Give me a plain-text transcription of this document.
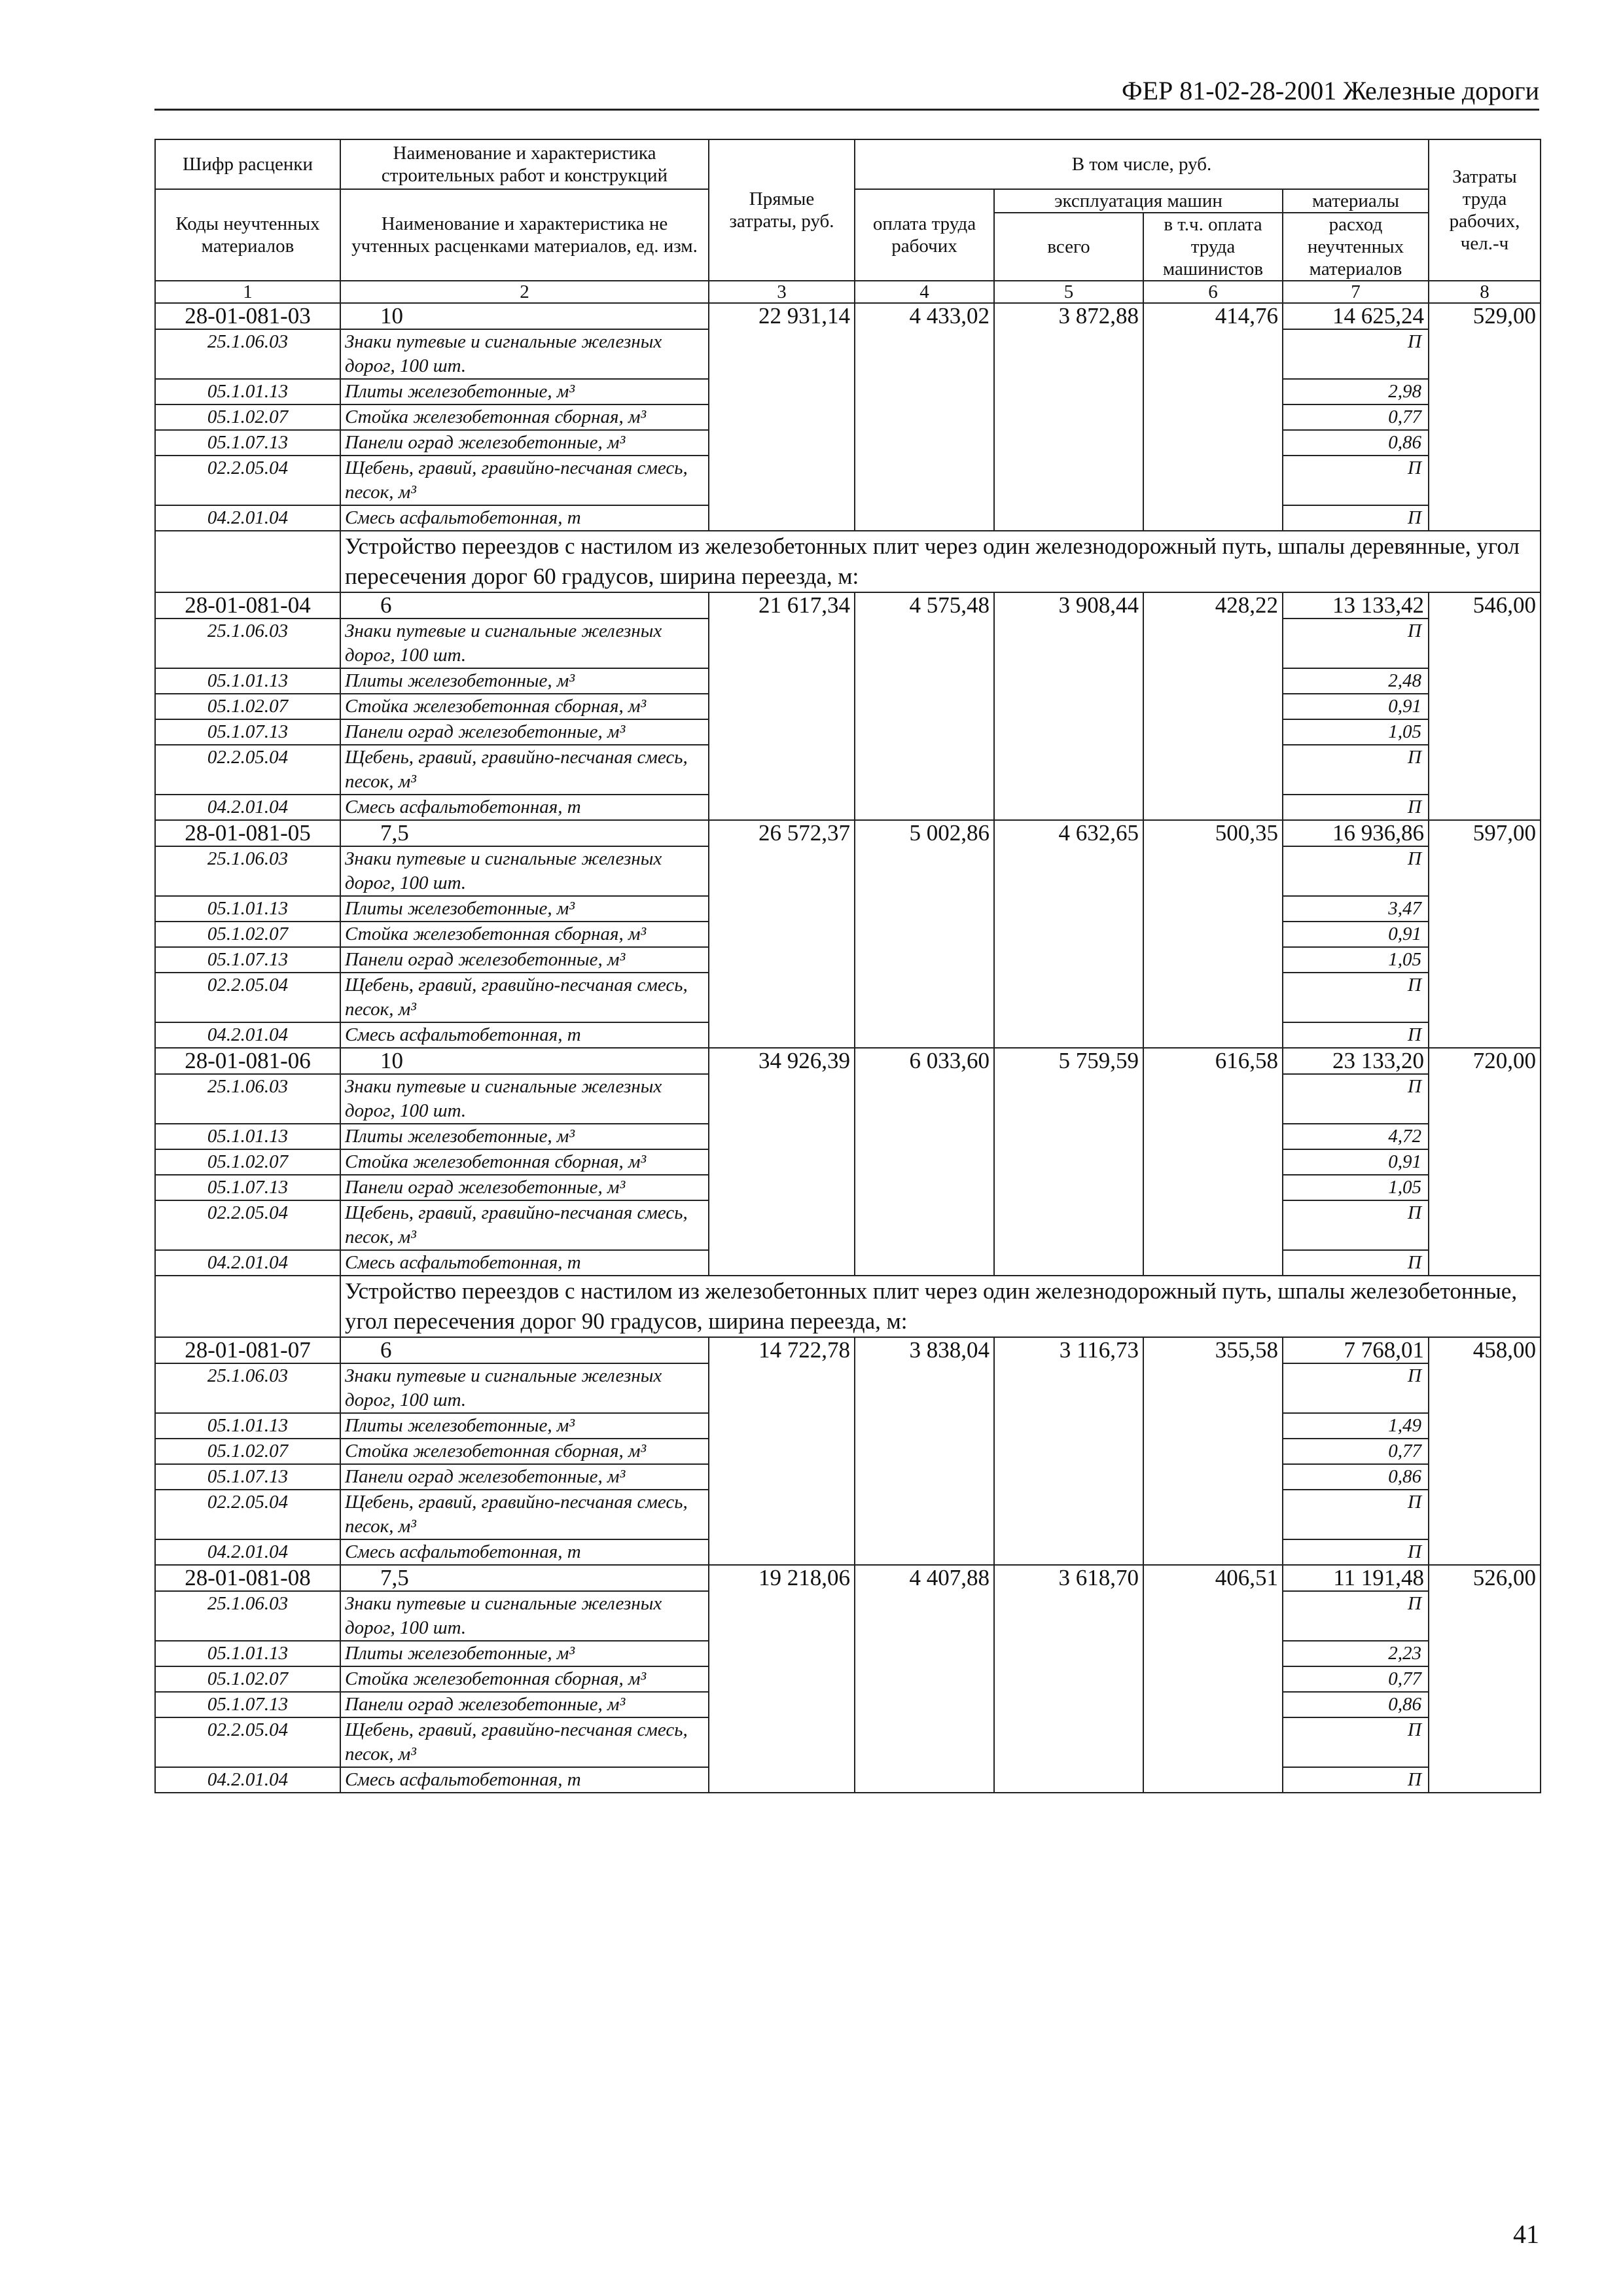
ФЕР 81-02-28-2001 Железные дороги
Шифр расценки	Наименование и характеристика строительных работ и конструкций	Прямые затраты, руб.	В том числе, руб.				Затраты труда рабочих, чел.-ч
Коды неучтенных материалов	Наименование и характеристика не учтенных расценками материалов, ед. изм.		оплата труда рабочих	эксплуатация машин		материалы	
				всего	в т.ч. оплата труда машинистов	расход неучтенных материалов	
1	2	3	4	5	6	7	8
28-01-081-03	10	22 931,14	4 433,02	3 872,88	414,76	14 625,24	529,00
25.1.06.03	Знаки путевые и сигнальные железных дорог, 100 шт.					П	
05.1.01.13	Плиты железобетонные, м³					2,98	
05.1.02.07	Стойка железобетонная сборная, м³					0,77	
05.1.07.13	Панели оград железобетонные, м³					0,86	
02.2.05.04	Щебень, гравий, гравийно-песчаная смесь, песок, м³					П	
04.2.01.04	Смесь асфальтобетонная, т					П	
	Устройство переездов с настилом из железобетонных плит через один железнодорожный путь, шпалы деревянные, угол пересечения дорог 60 градусов, ширина переезда, м:						
28-01-081-04	6	21 617,34	4 575,48	3 908,44	428,22	13 133,42	546,00
25.1.06.03	Знаки путевые и сигнальные железных дорог, 100 шт.					П	
05.1.01.13	Плиты железобетонные, м³					2,48	
05.1.02.07	Стойка железобетонная сборная, м³					0,91	
05.1.07.13	Панели оград железобетонные, м³					1,05	
02.2.05.04	Щебень, гравий, гравийно-песчаная смесь, песок, м³					П	
04.2.01.04	Смесь асфальтобетонная, т					П	
28-01-081-05	7,5	26 572,37	5 002,86	4 632,65	500,35	16 936,86	597,00
25.1.06.03	Знаки путевые и сигнальные железных дорог, 100 шт.					П	
05.1.01.13	Плиты железобетонные, м³					3,47	
05.1.02.07	Стойка железобетонная сборная, м³					0,91	
05.1.07.13	Панели оград железобетонные, м³					1,05	
02.2.05.04	Щебень, гравий, гравийно-песчаная смесь, песок, м³					П	
04.2.01.04	Смесь асфальтобетонная, т					П	
28-01-081-06	10	34 926,39	6 033,60	5 759,59	616,58	23 133,20	720,00
25.1.06.03	Знаки путевые и сигнальные железных дорог, 100 шт.					П	
05.1.01.13	Плиты железобетонные, м³					4,72	
05.1.02.07	Стойка железобетонная сборная, м³					0,91	
05.1.07.13	Панели оград железобетонные, м³					1,05	
02.2.05.04	Щебень, гравий, гравийно-песчаная смесь, песок, м³					П	
04.2.01.04	Смесь асфальтобетонная, т					П	
	Устройство переездов с настилом из железобетонных плит через один железнодорожный путь, шпалы железобетонные, угол пересечения дорог 90 градусов, ширина переезда, м:						
28-01-081-07	6	14 722,78	3 838,04	3 116,73	355,58	7 768,01	458,00
25.1.06.03	Знаки путевые и сигнальные железных дорог, 100 шт.					П	
05.1.01.13	Плиты железобетонные, м³					1,49	
05.1.02.07	Стойка железобетонная сборная, м³					0,77	
05.1.07.13	Панели оград железобетонные, м³					0,86	
02.2.05.04	Щебень, гравий, гравийно-песчаная смесь, песок, м³					П	
04.2.01.04	Смесь асфальтобетонная, т					П	
28-01-081-08	7,5	19 218,06	4 407,88	3 618,70	406,51	11 191,48	526,00
25.1.06.03	Знаки путевые и сигнальные железных дорог, 100 шт.					П	
05.1.01.13	Плиты железобетонные, м³					2,23	
05.1.02.07	Стойка железобетонная сборная, м³					0,77	
05.1.07.13	Панели оград железобетонные, м³					0,86	
02.2.05.04	Щебень, гравий, гравийно-песчаная смесь, песок, м³					П	
04.2.01.04	Смесь асфальтобетонная, т					П	
41
